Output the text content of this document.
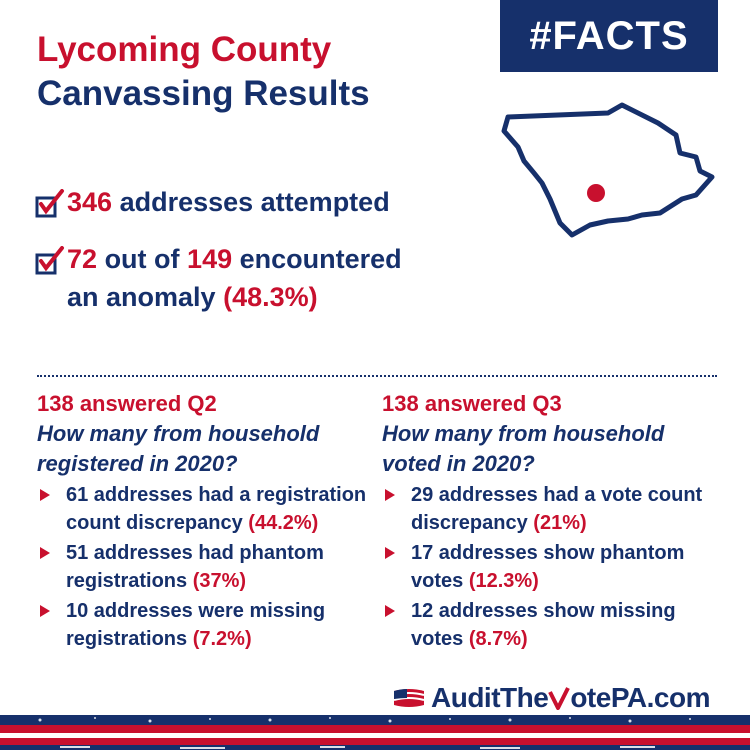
Lycoming County
Canvassing Results
#FACTS
346 addresses attempted
72 out of 149 encountered
an anomaly (48.3%)

138 answered Q2

How many from household registered in 2020?

61 addresses had a registration count discrepancy (44.2%)
51 addresses had phantom registrations (37%)
10 addresses were missing registrations (7.2%)

138 answered Q3

How many from household voted in 2020?

29 addresses had a vote count discrepancy (21%)
17 addresses show phantom votes (12.3%)
12 addresses show missing votes (8.7%)
AuditThe otePA.com
